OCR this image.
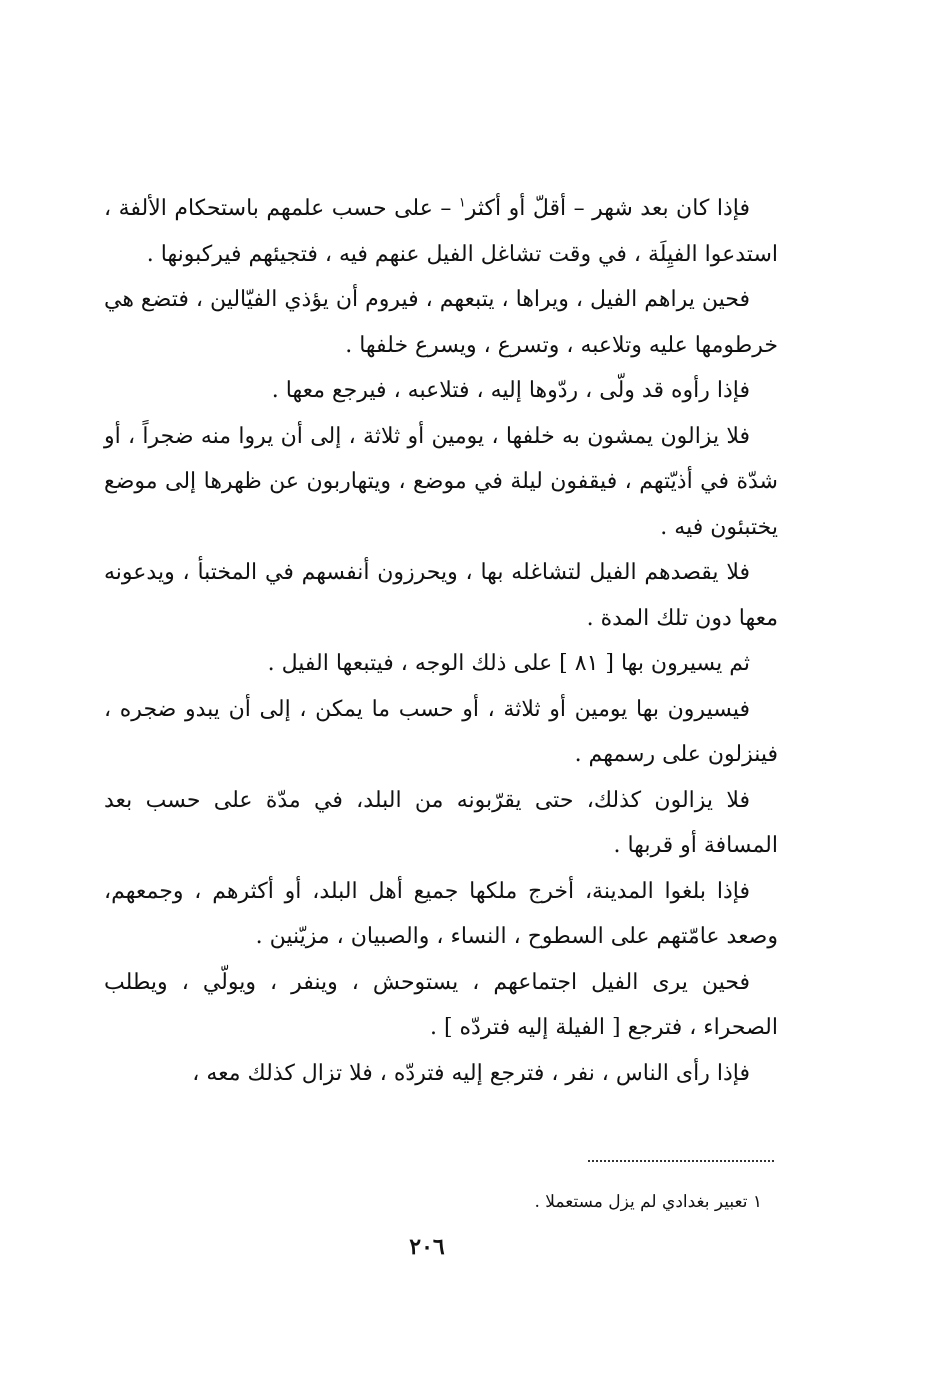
فإذا كان بعد شهر – أقلّ أو أكثر$^١$ – على حسب علمهم باستحكام الألفة ، استدعوا الفيِلَة ، في وقت تشاغل الفيل عنهم فيه ، فتجيئهم فيركبونها .

فحين يراهم الفيل ، ويراها ، يتبعهم ، فيروم أن يؤذي الفيّالين ، فتضع هي خرطومها عليه وتلاعبه ، وتسرع ، ويسرع خلفها .

فإذا رأوه قد ولّى ، ردّوها إليه ، فتلاعبه ، فيرجع معها .

فلا يزالون يمشون به خلفها ، يومين أو ثلاثة ، إلى أن يروا منه ضجراً ، أو شدّة في أذيّتهم ، فيقفون ليلة في موضع ، ويتهاربون عن ظهرها إلى موضع يختبئون فيه .

فلا يقصدهم الفيل لتشاغله بها ، ويحرزون أنفسهم في المختبأ ، ويدعونه معها دون تلك المدة .

ثم يسيرون بها [ ٨١ ] على ذلك الوجه ، فيتبعها الفيل .

فيسيرون بها يومين أو ثلاثة ، أو حسب ما يمكن ، إلى أن يبدو ضجره ، فينزلون على رسمهم .

فلا يزالون كذلك، حتى يقرّبونه من البلد، في مدّة على حسب بعد المسافة أو قربها .

فإذا بلغوا المدينة، أخرج ملكها جميع أهل البلد، أو أكثرهم ، وجمعهم، وصعد عامّتهم على السطوح ، النساء ، والصبيان ، مزيّنين .

فحين يرى الفيل اجتماعهم ، يستوحش ، وينفر ، ويولّي ، ويطلب الصحراء ، فترجع [ الفيلة إليه فتردّه ] .

فإذا رأى الناس ، نفر ، فترجع إليه فتردّه ، فلا تزال كذلك معه ،

١ تعبير بغدادي لم يزل مستعملا .
٢٠٦
